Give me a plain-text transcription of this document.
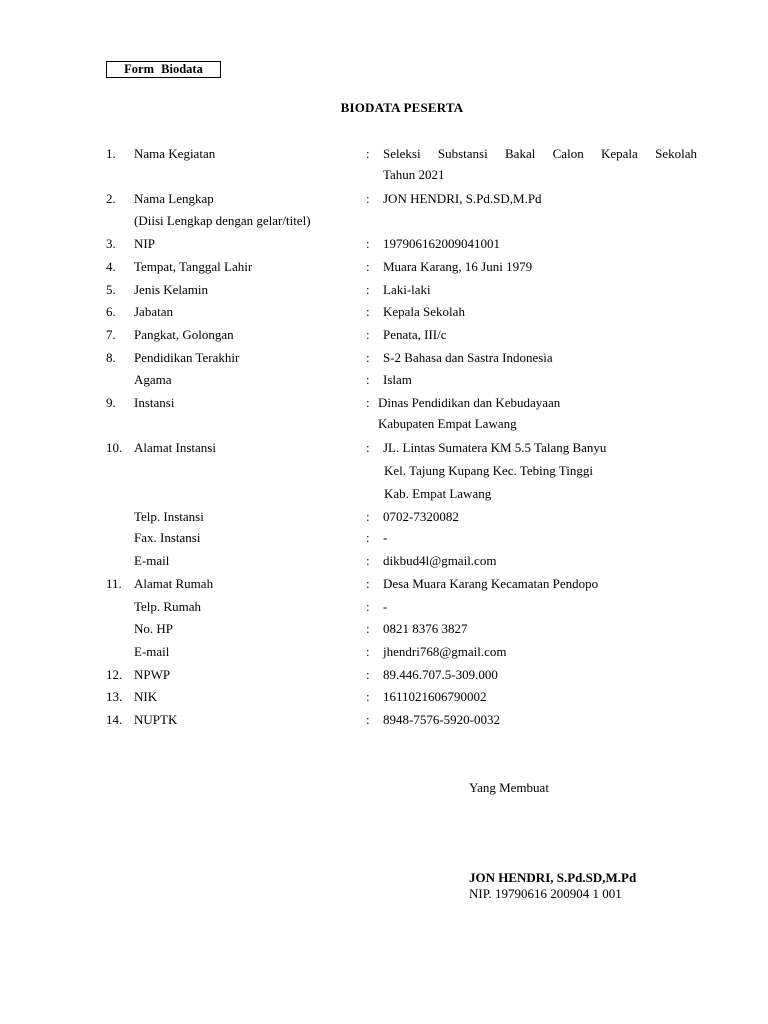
Form Biodata
BIODATA PESERTA
1. Nama Kegiatan	: Seleksi Substansi Bakal Calon Kepala Sekolah
Tahun 2021
2. Nama Lengkap	: JON HENDRI, S.Pd.SD,M.Pd
(Diisi Lengkap dengan gelar/titel)
3. NIP	: 197906162009041001
4. Tempat, Tanggal Lahir	: Muara Karang, 16 Juni 1979
5. Jenis Kelamin	: Laki-laki
6. Jabatan	: Kepala Sekolah
7. Pangkat, Golongan	: Penata, III/c
8. Pendidikan Terakhir	: S-2 Bahasa dan Sastra Indonesia
Agama	: Islam
9. Instansi	: Dinas Pendidikan dan Kebudayaan
Kabupaten Empat Lawang
10. Alamat Instansi	: JL. Lintas Sumatera KM 5.5 Talang Banyu
Kel. Tajung Kupang Kec. Tebing Tinggi
Kab. Empat Lawang
Telp. Instansi	: 0702-7320082
Fax. Instansi	: -
E-mail	: dikbud4l@gmail.com
11. Alamat Rumah	: Desa Muara Karang Kecamatan Pendopo
Telp. Rumah	: -
No. HP	: 0821 8376 3827
E-mail	: jhendri768@gmail.com
12. NPWP	: 89.446.707.5-309.000
13. NIK	: 1611021606790002
14. NUPTK	: 8948-7576-5920-0032
Yang Membuat
JON HENDRI, S.Pd.SD,M.Pd
NIP. 19790616 200904 1 001
